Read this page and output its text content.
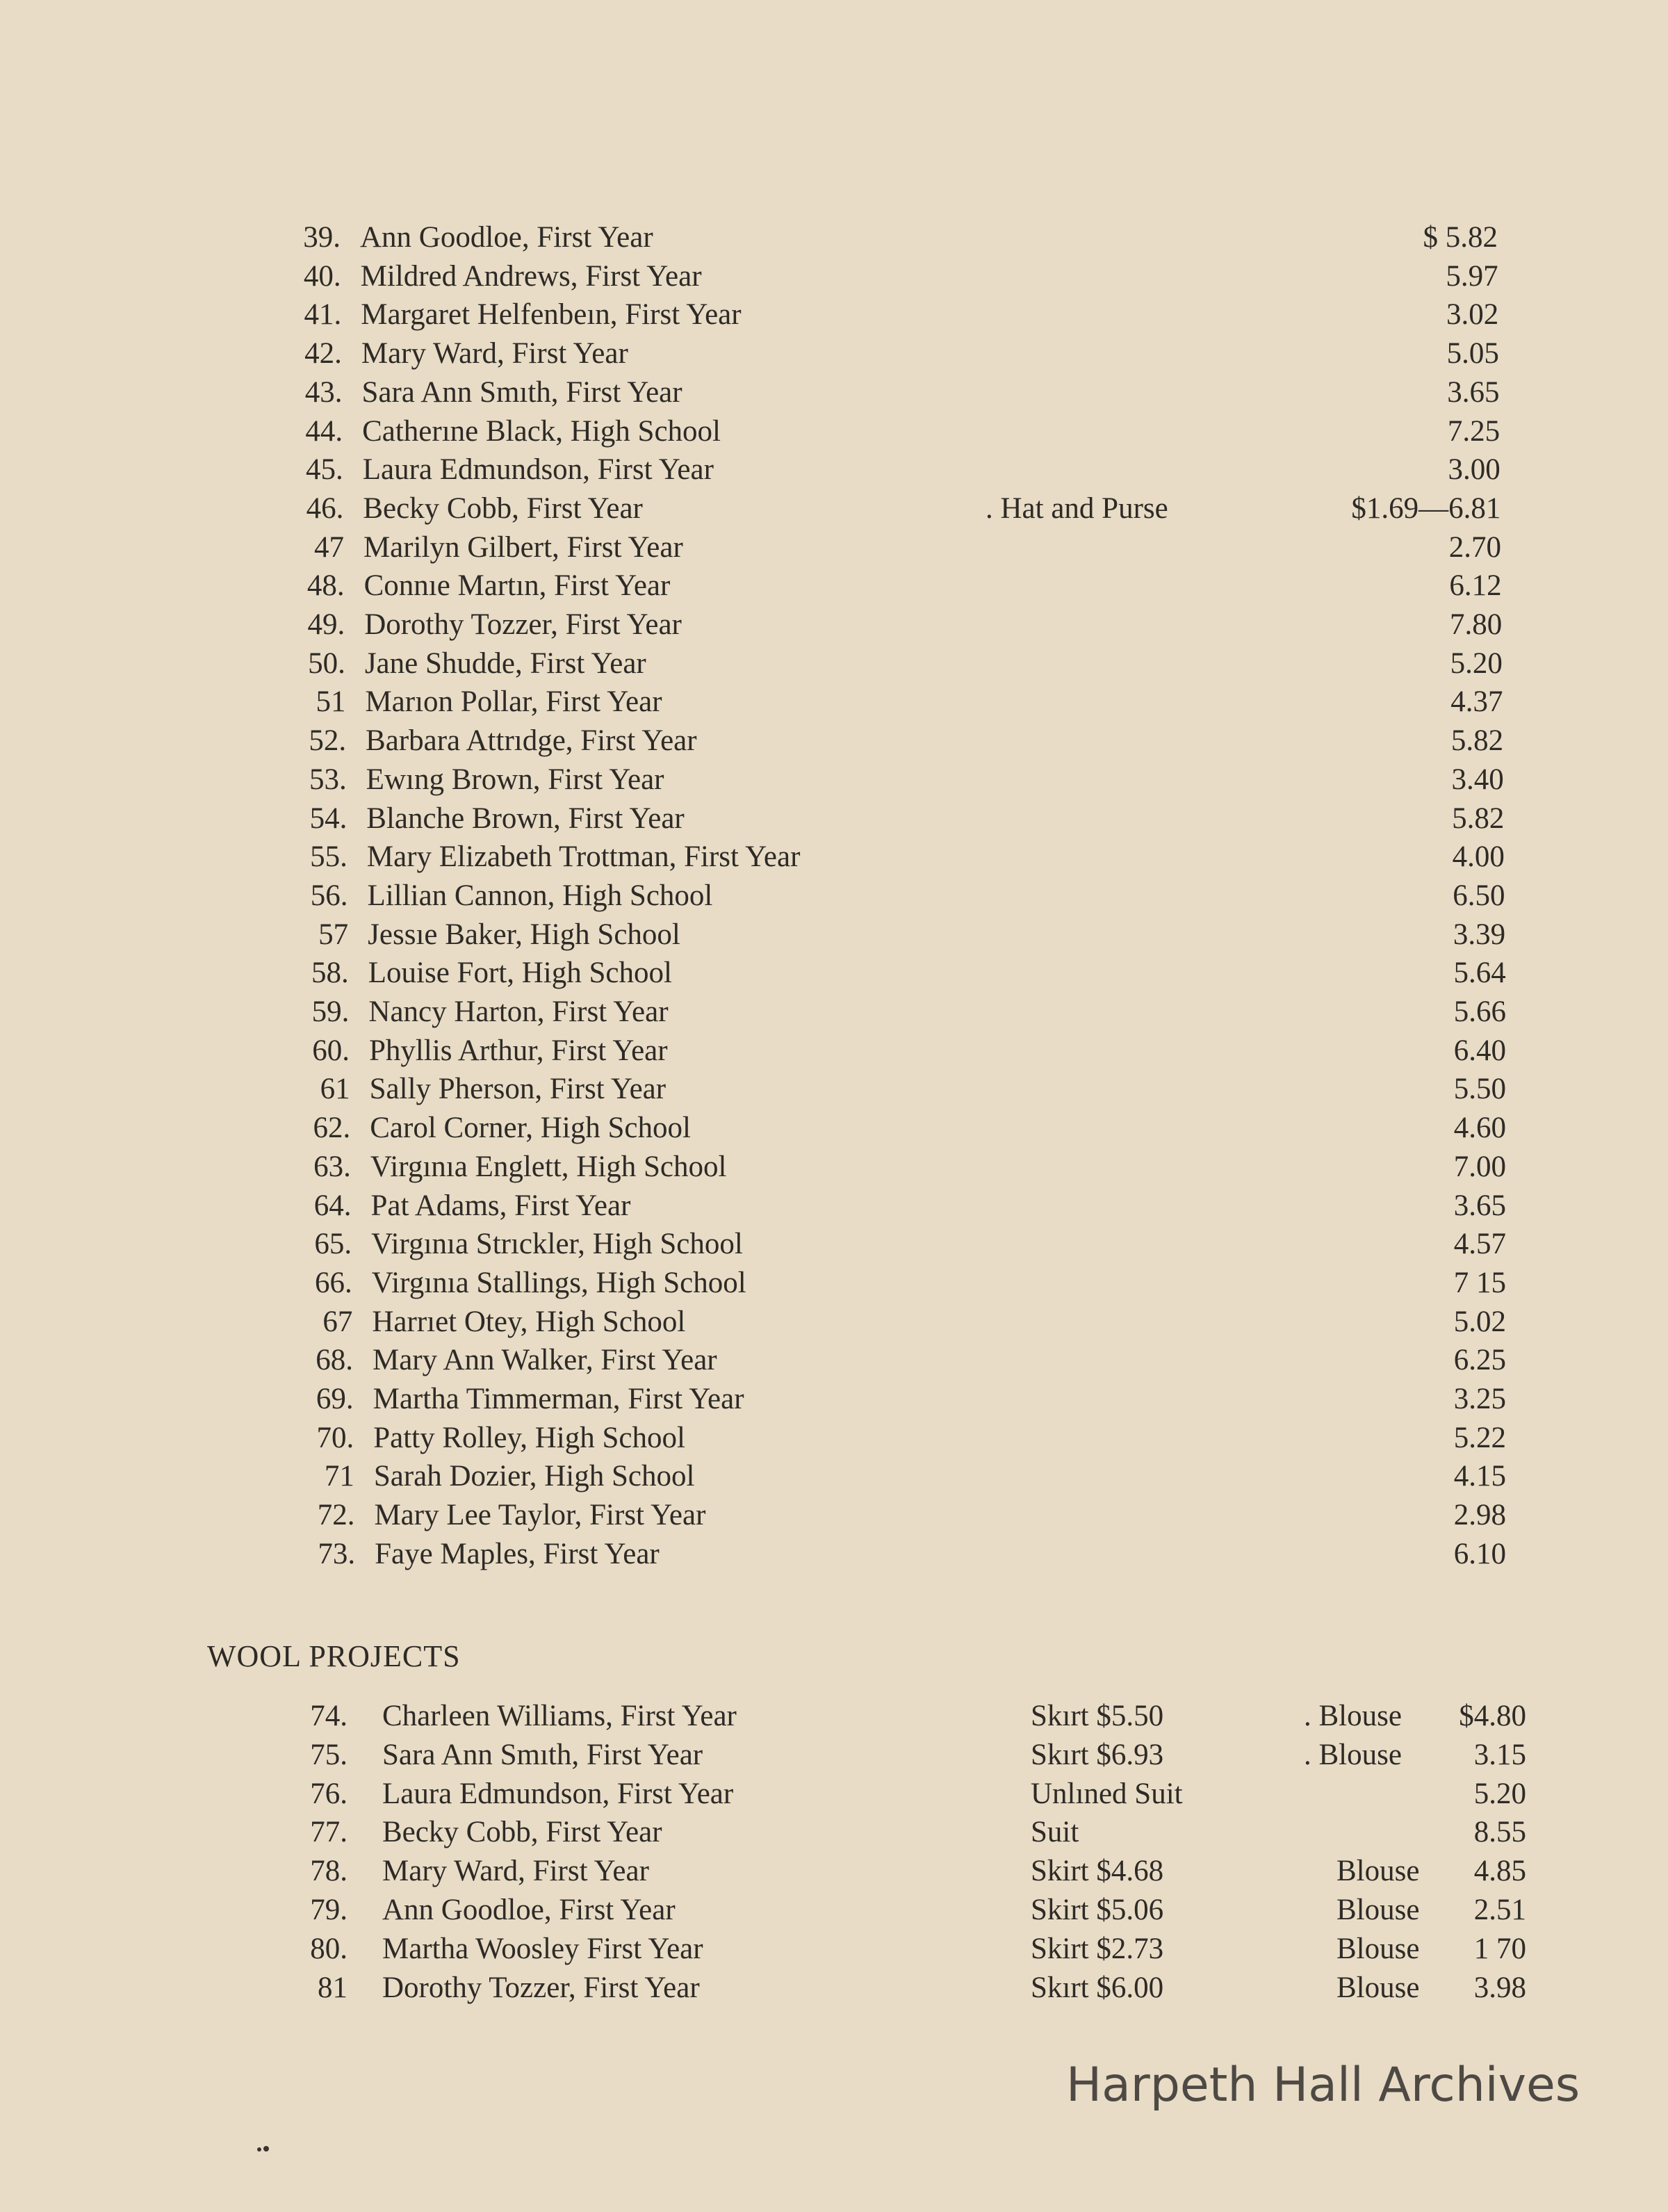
39. Ann Goodloe, First Year	$ 5.82
40. Mildred Andrews, First Year	5.97
41. Margaret Helfenbeın, First Year	3.02
42. Mary Ward, First Year	5.05
43. Sara Ann Smıth, First Year	3.65
44. Catherıne Black, High School	7.25
45. Laura Edmundson, First Year	3.00
46. Becky Cobb, First Year	. Hat and Purse	$1.69—6.81
47 Marilyn Gilbert, First Year	2.70
48. Connıe Martın, First Year	6.12
49. Dorothy Tozzer, First Year	7.80
50. Jane Shudde, First Year	5.20
51 Marıon Pollar, First Year	4.37
52. Barbara Attrıdge, First Year	5.82
53. Ewıng Brown, First Year	3.40
54. Blanche Brown, First Year	5.82
55. Mary Elizabeth Trottman, First Year	4.00
56. Lillian Cannon, High School	6.50
57 Jessıe Baker, High School	3.39
58. Louise Fort, High School	5.64
59. Nancy Harton, First Year	5.66
60. Phyllis Arthur, First Year	6.40
61 Sally Pherson, First Year	5.50
62. Carol Corner, High School	4.60
63. Virgınıa Englett, High School	7.00
64. Pat Adams, First Year	3.65
65. Virgınıa Strıckler, High School	4.57
66. Virgınıa Stallings, High School	7 15
67 Harrıet Otey, High School	5.02
68. Mary Ann Walker, First Year	6.25
69. Martha Timmerman, First Year	3.25
70. Patty Rolley, High School	5.22
71 Sarah Dozier, High School	4.15
72. Mary Lee Taylor, First Year	2.98
73. Faye Maples, First Year	6.10
WOOL PROJECTS
74. Charleen Williams, First Year	Skırt $5.50	. Blouse $4.80
75. Sara Ann Smıth, First Year	Skırt $6.93	. Blouse 3.15
76. Laura Edmundson, First Year	Unlıned Suit	5.20
77. Becky Cobb, First Year	Suit	8.55
78. Mary Ward, First Year	Skirt $4.68	Blouse 4.85
79. Ann Goodloe, First Year	Skirt $5.06	Blouse 2.51
80. Martha Woosley First Year	Skirt $2.73	Blouse 1 70
81 Dorothy Tozzer, First Year	Skırt $6.00	Blouse 3.98
Harpeth Hall Archives
